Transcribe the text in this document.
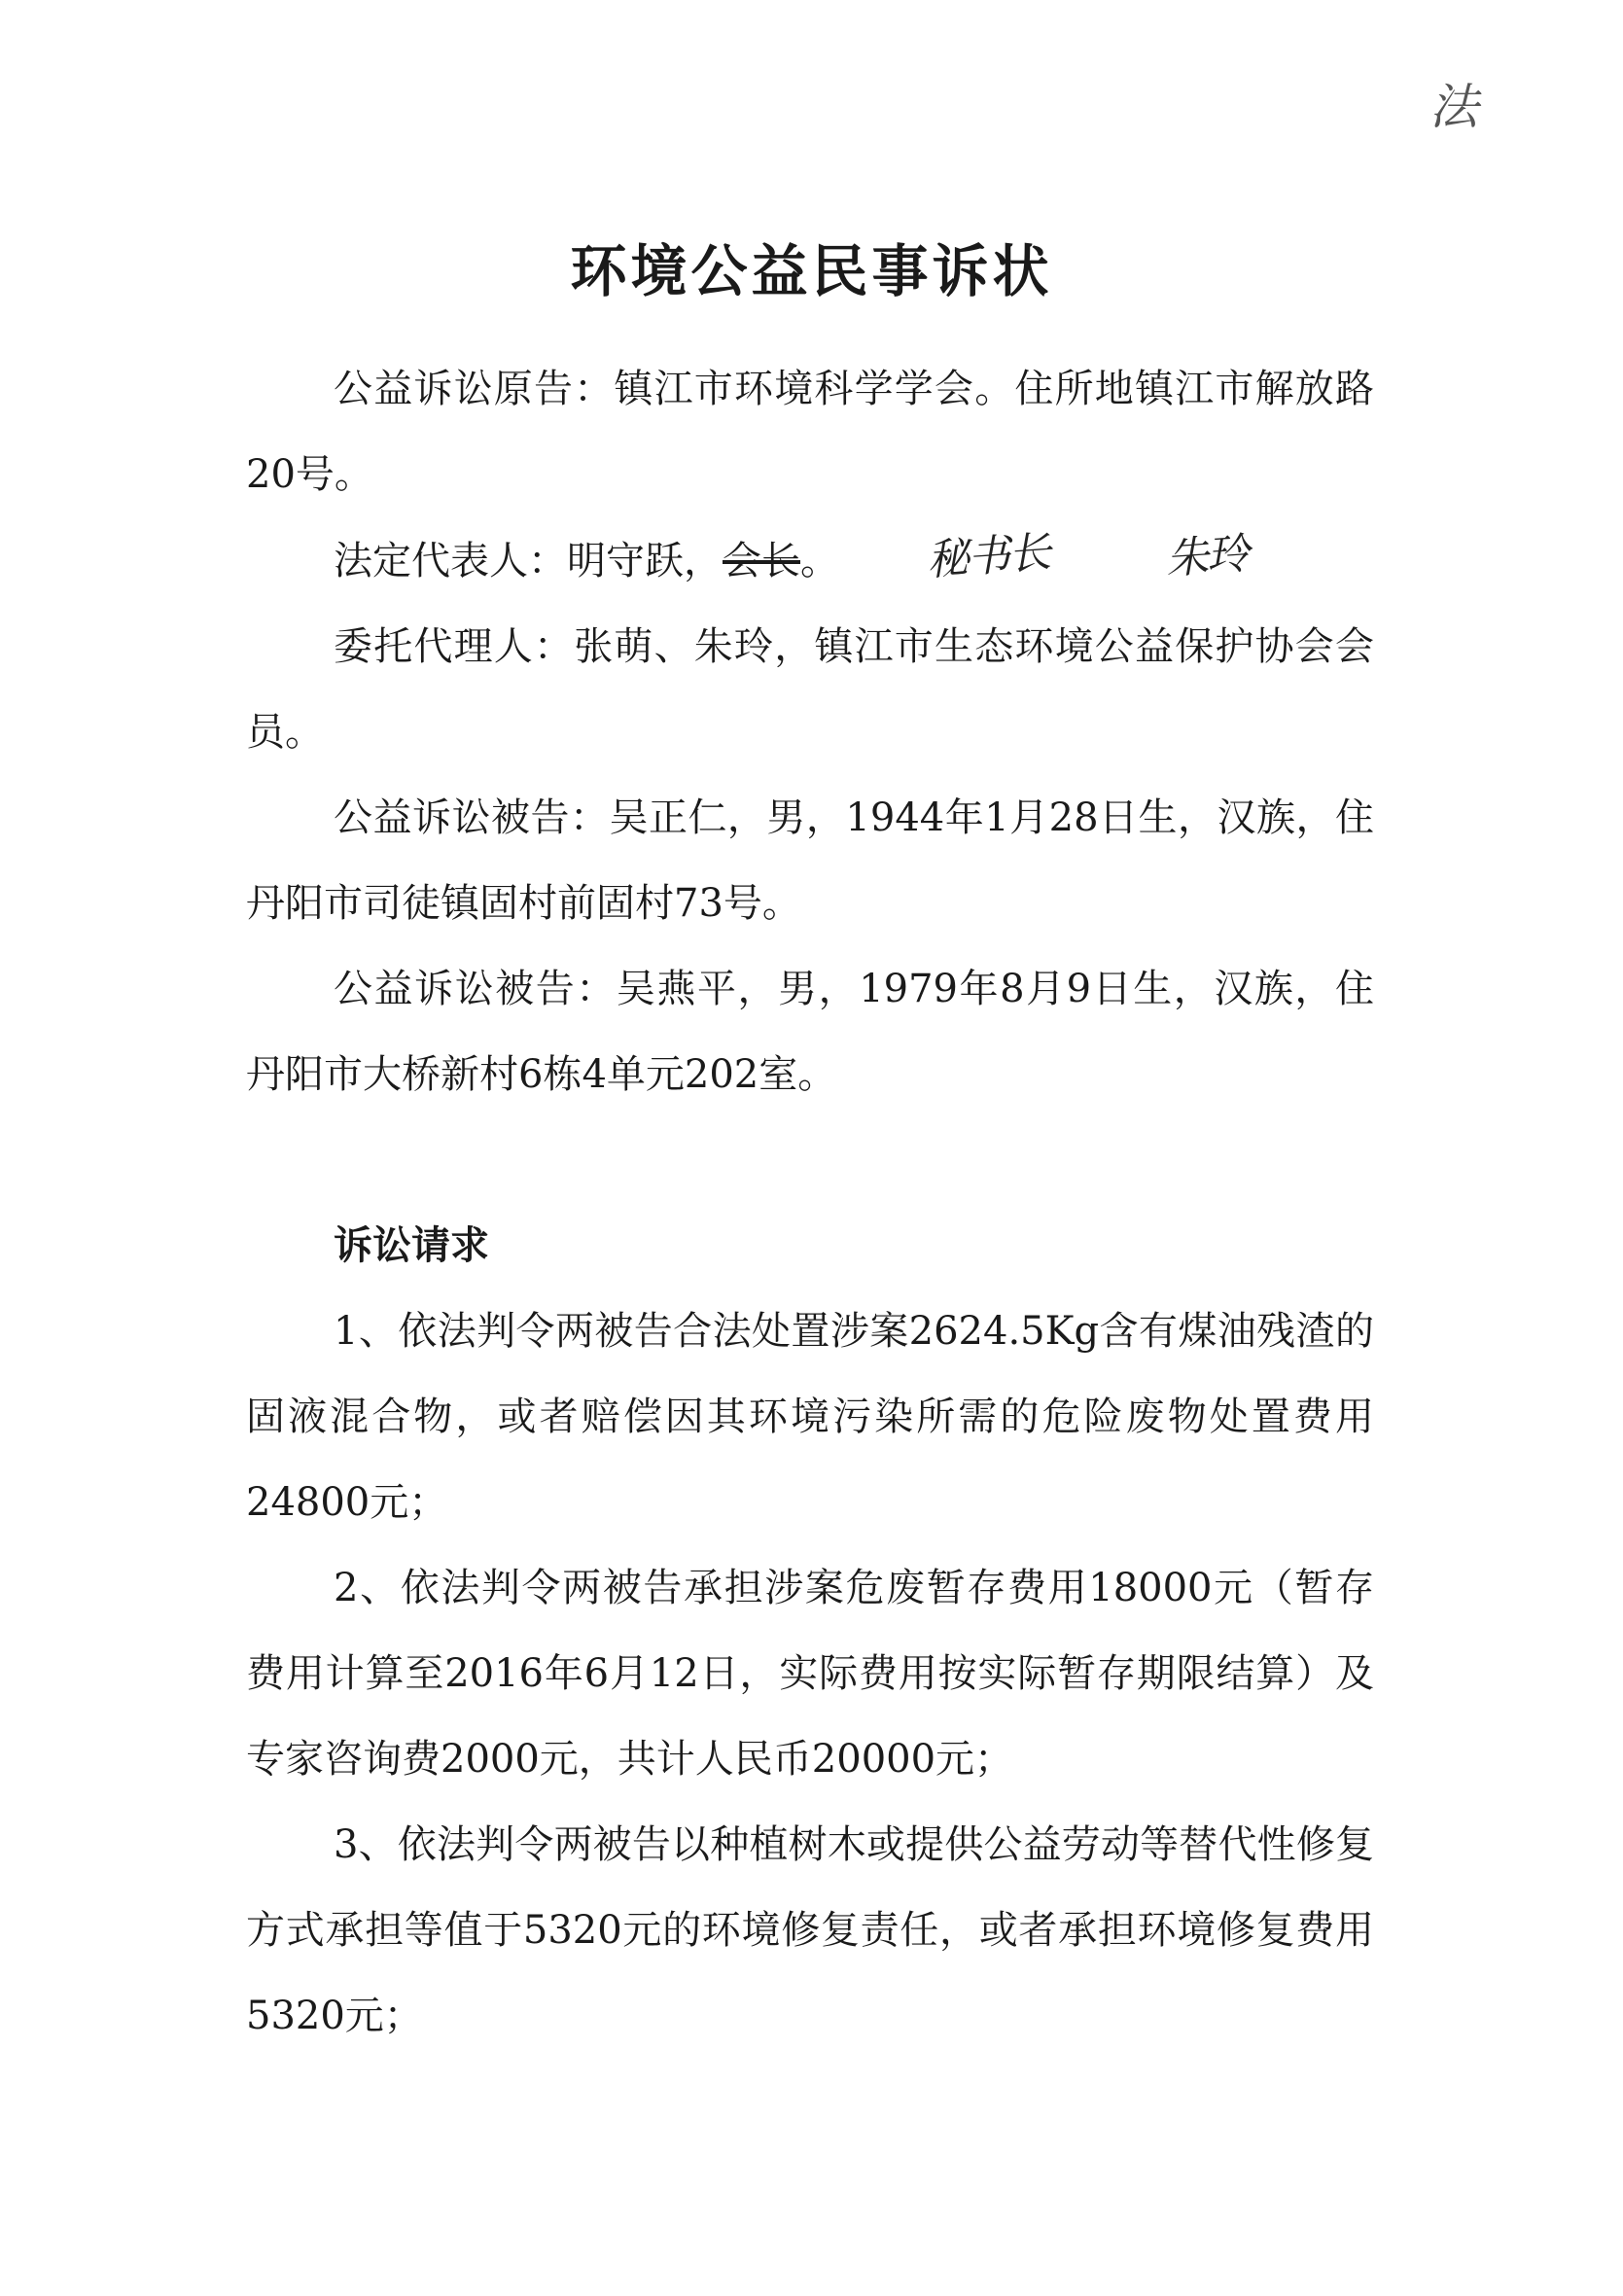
法
环境公益民事诉状

公益诉讼原告：镇江市环境科学学会。住所地镇江市解放路20号。

法定代表人：明守跃，会长。 秘书长	朱玲

委托代理人：张萌、朱玲，镇江市生态环境公益保护协会会员。

公益诉讼被告：吴正仁，男，1944年1月28日生，汉族，住丹阳市司徒镇固村前固村73号。

公益诉讼被告：吴燕平，男，1979年8月9日生，汉族，住丹阳市大桥新村6栋4单元202室。

诉讼请求

1、依法判令两被告合法处置涉案2624.5Kg含有煤油残渣的固液混合物，或者赔偿因其环境污染所需的危险废物处置费用24800元；

2、依法判令两被告承担涉案危废暂存费用18000元（暂存费用计算至2016年6月12日，实际费用按实际暂存期限结算）及专家咨询费2000元，共计人民币20000元；

3、依法判令两被告以种植树木或提供公益劳动等替代性修复方式承担等值于5320元的环境修复责任，或者承担环境修复费用5320元；
